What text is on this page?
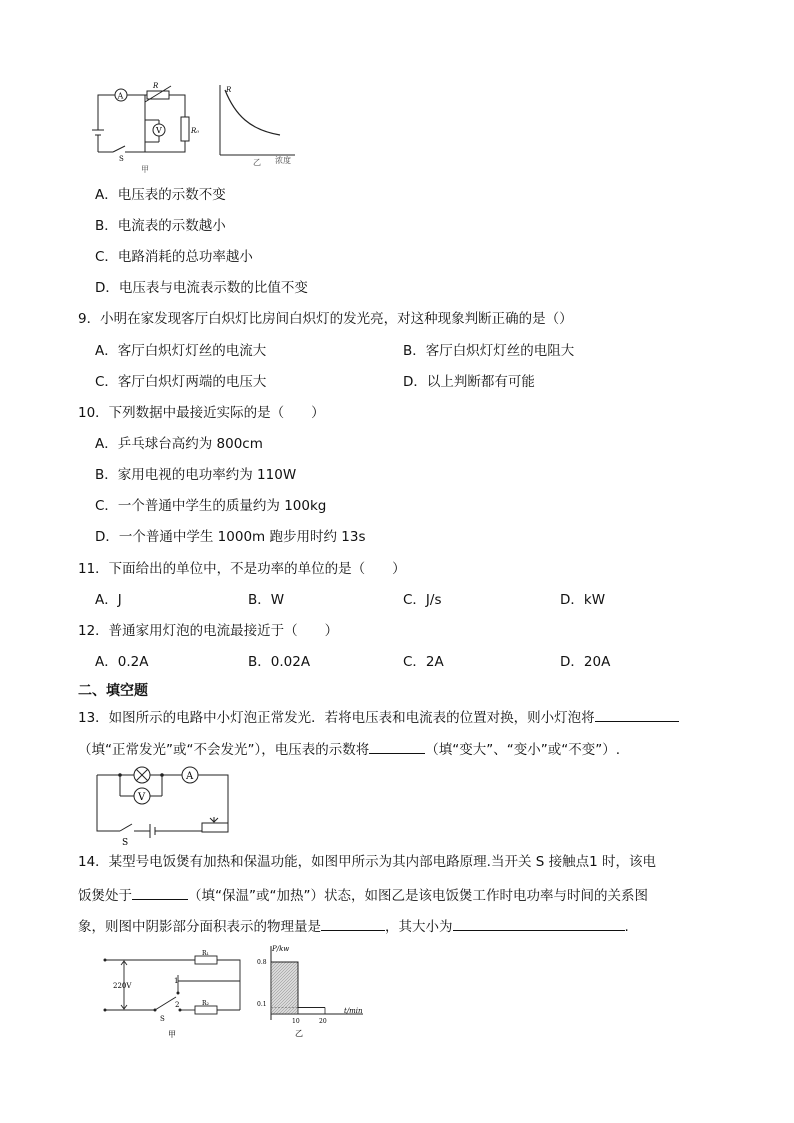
A
R
V	R₀
S
甲
R
乙 浓度
A．电压表的示数不变
B．电流表的示数越小
C．电路消耗的总功率越小
D．电压表与电流表示数的比值不变
9．小明在家发现客厅白炽灯比房间白炽灯的发光亮，对这种现象判断正确的是（）
A．客厅白炽灯灯丝的电流大	B．客厅白炽灯灯丝的电阻大
C．客厅白炽灯两端的电压大	D．以上判断都有可能
10．下列数据中最接近实际的是（　　）
A．乒乓球台高约为 800cm
B．家用电视的电功率约为 110W
C．一个普通中学生的质量约为 100kg
D．一个普通中学生 1000m 跑步用时约 13s
11．下面给出的单位中，不是功率的单位的是（　　）
A．J	B．W	C．J/s	D．kW
12．普通家用灯泡的电流最接近于（　　）
A．0.2A	B．0.02A	C．2A	D．20A
二、填空题
13．如图所示的电路中小灯泡正常发光．若将电压表和电流表的位置对换，则小灯泡将
（填“正常发光”或“不会发光”），电压表的示数将	（填“变大”、“变小”或“不变”）.
A
V
S
14．某型号电饭煲有加热和保温功能，如图甲所示为其内部电路原理.当开关 S 接触点1 时，该电
饭煲处于	（填“保温”或“加热”）状态，如图乙是该电饭煲工作时电功率与时间的关系图
象，则图中阴影部分面积表示的物理量是	，其大小为	.
220V
R₁
R₂
1
2
S
甲
P/kw
t/min
0.8
0.1
10	20
乙
